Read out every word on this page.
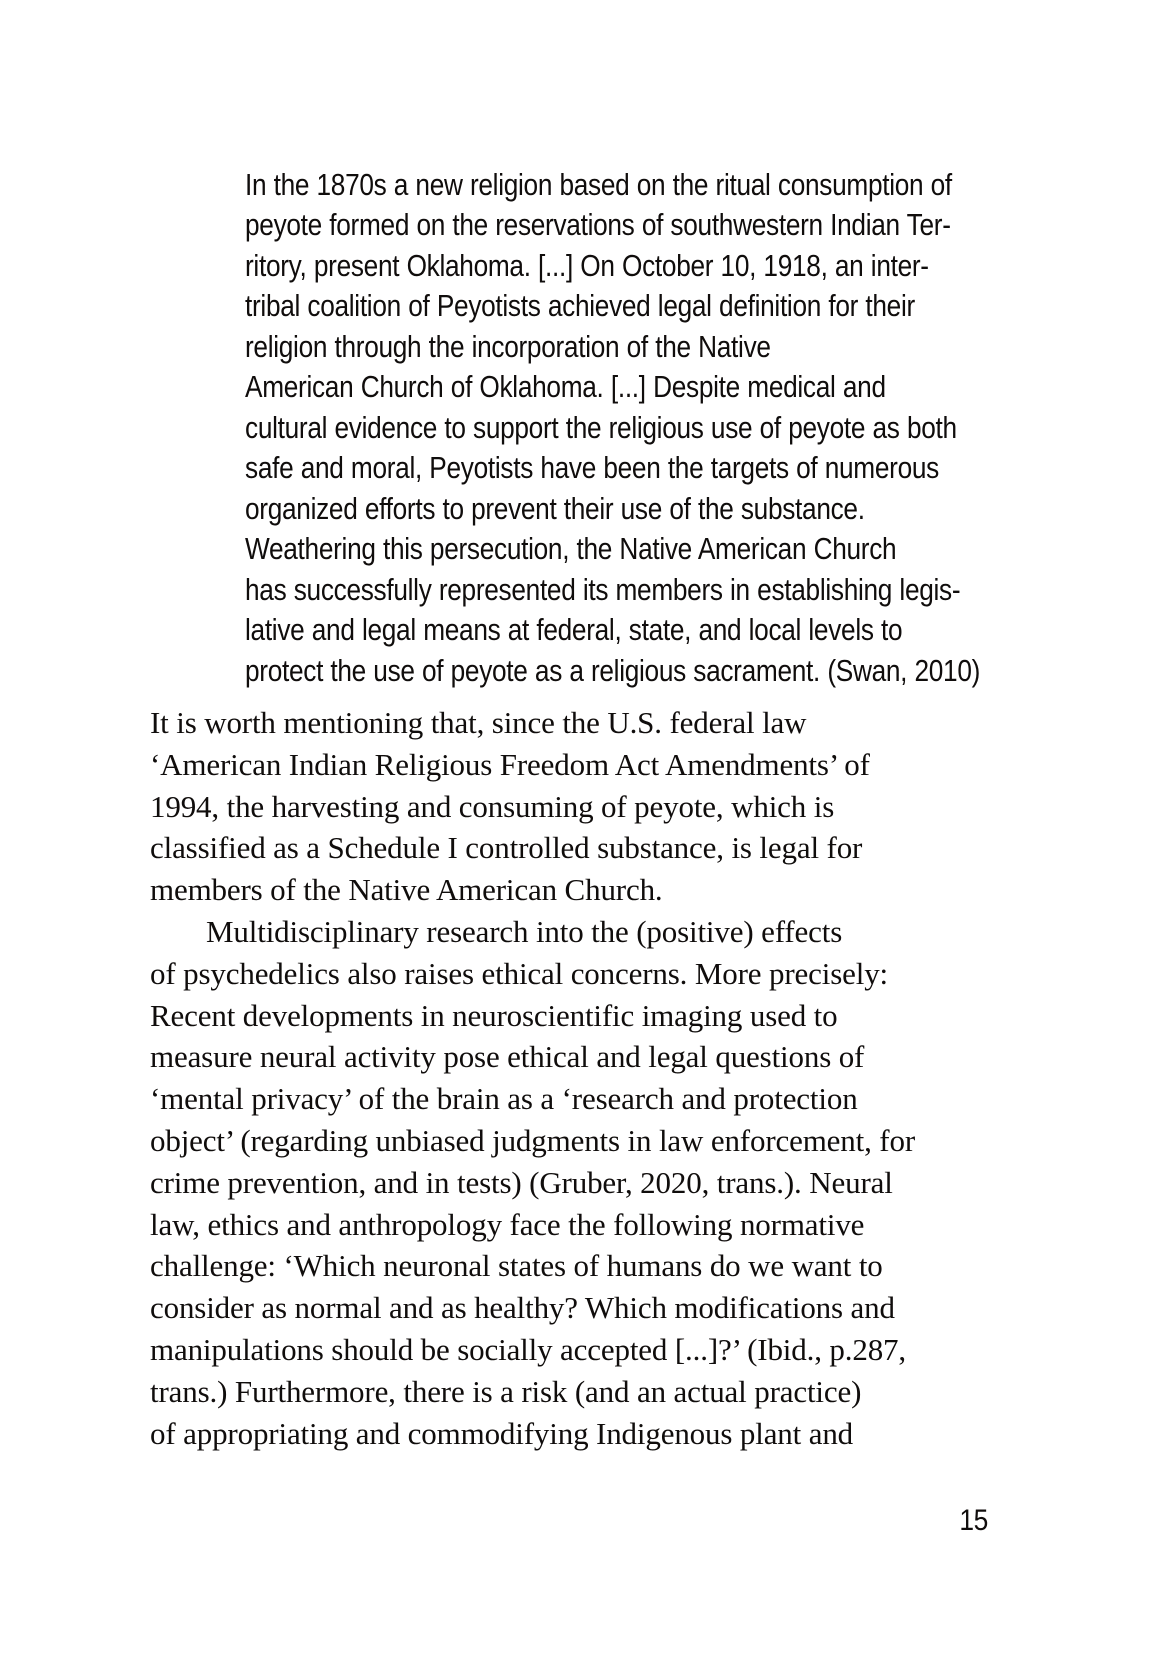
In the 1870s a new religion based on the ritual consumption of
peyote formed on the reservations of southwestern Indian Ter-
ritory, present Oklahoma. [...] On October 10, 1918, an inter-
tribal coalition of Peyotists achieved legal definition for their
religion through the incorporation of the Native
American Church of Oklahoma. [...] Despite medical and
cultural evidence to support the religious use of peyote as both
safe and moral, Peyotists have been the targets of numerous
organized efforts to prevent their use of the substance.
Weathering this persecution, the Native American Church
has successfully represented its members in establishing legis-
lative and legal means at federal, state, and local levels to
protect the use of peyote as a religious sacrament. (Swan, 2010)

It is worth mentioning that, since the U.S. federal law
‘American Indian Religious Freedom Act Amendments’ of
1994, the harvesting and consuming of peyote, which is
classified as a Schedule I controlled substance, is legal for
members of the Native American Church.

Multidisciplinary research into the (positive) effects
of psychedelics also raises ethical concerns. More precisely:
Recent developments in neuroscientific imaging used to
measure neural activity pose ethical and legal questions of
‘mental privacy’ of the brain as a ‘research and protection
object’ (regarding unbiased judgments in law enforcement, for
crime prevention, and in tests) (Gruber, 2020, trans.). Neural
law, ethics and anthropology face the following normative
challenge: ‘Which neuronal states of humans do we want to
consider as normal and as healthy? Which modifications and
manipulations should be socially accepted [...]?’ (Ibid., p.287,
trans.) Furthermore, there is a risk (and an actual practice)
of appropriating and commodifying Indigenous plant and

15
